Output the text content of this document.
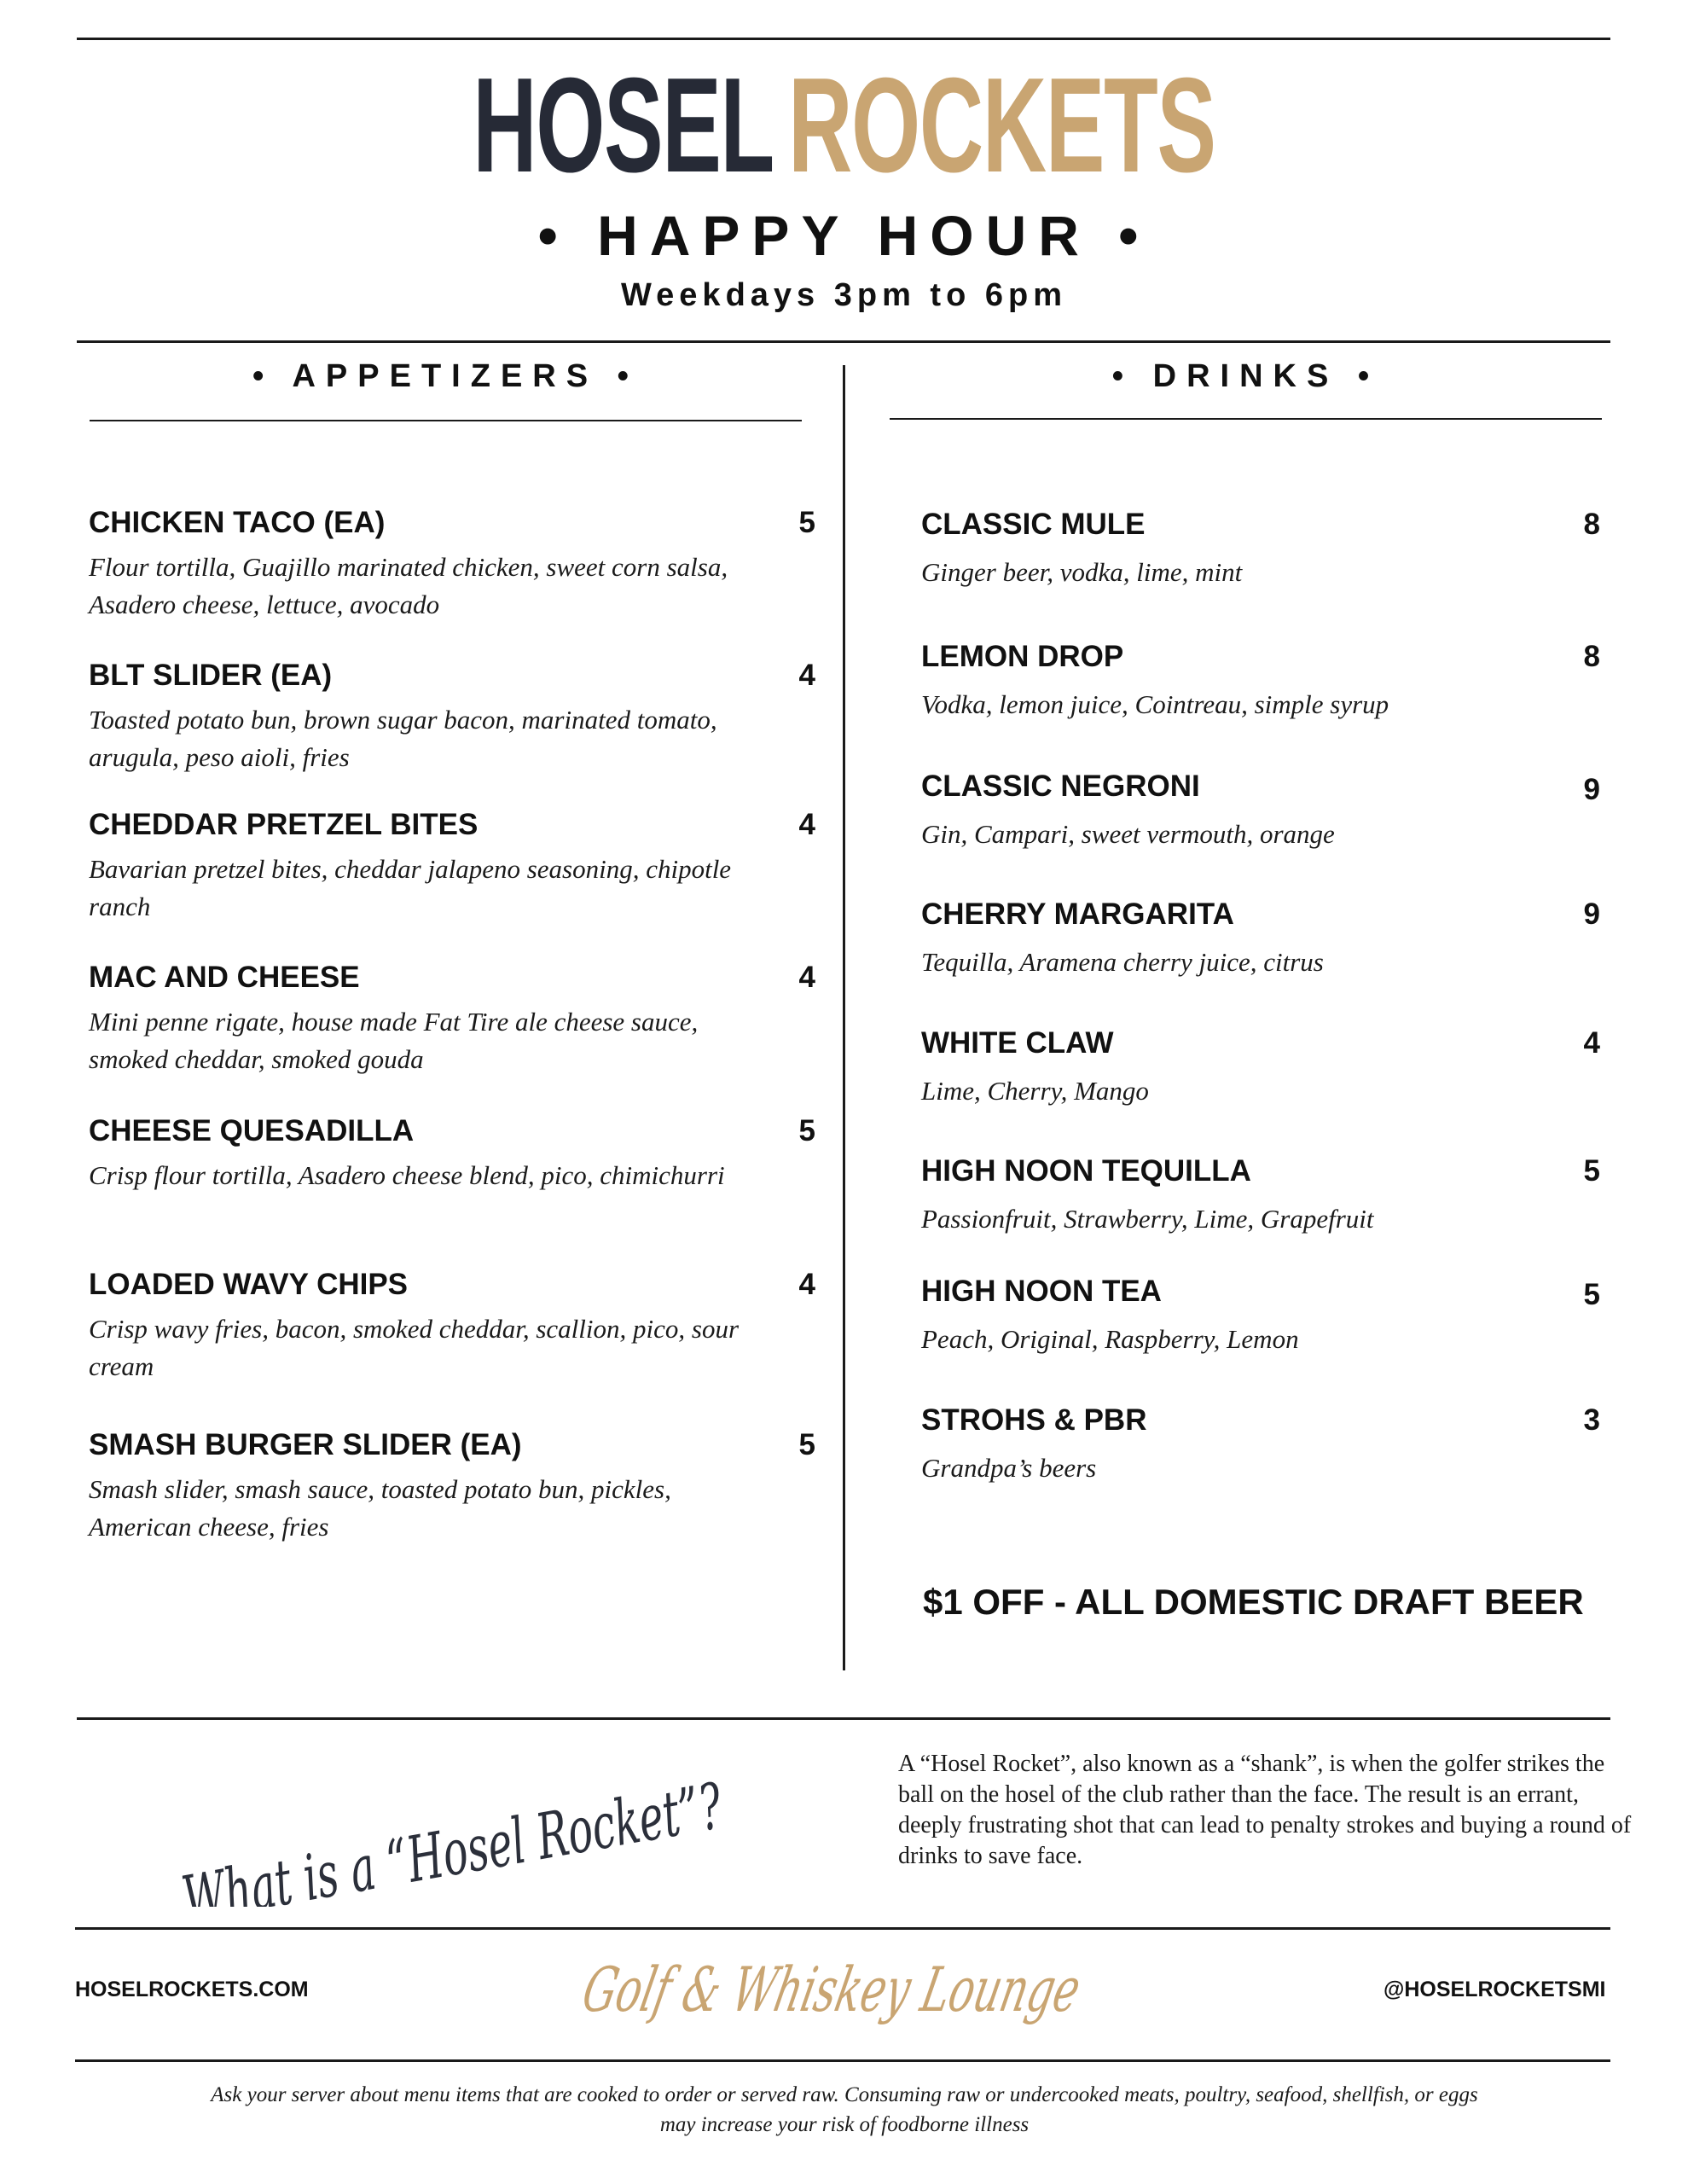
HOSEL ROCKETS
• HAPPY HOUR •
Weekdays 3pm to 6pm
• APPETIZERS •	• DRINKS •
CHICKEN TACO (EA)	5
Flour tortilla, Guajillo marinated chicken, sweet corn salsa, Asadero cheese, lettuce, avocado
BLT SLIDER (EA)	4
Toasted potato bun, brown sugar bacon, marinated tomato, arugula, peso aioli, fries
CHEDDAR PRETZEL BITES	4
Bavarian pretzel bites, cheddar jalapeno seasoning, chipotle ranch
MAC AND CHEESE	4
Mini penne rigate, house made Fat Tire ale cheese sauce, smoked cheddar, smoked gouda
CHEESE QUESADILLA	5
Crisp flour tortilla, Asadero cheese blend, pico, chimichurri
LOADED WAVY CHIPS	4
Crisp wavy fries, bacon, smoked cheddar, scallion, pico, sour cream
SMASH BURGER SLIDER (EA)	5
Smash slider, smash sauce, toasted potato bun, pickles, American cheese, fries
CLASSIC MULE	8
Ginger beer, vodka, lime, mint
LEMON DROP	8
Vodka, lemon juice, Cointreau, simple syrup
CLASSIC NEGRONI	9
Gin, Campari, sweet vermouth, orange
CHERRY MARGARITA	9
Tequilla, Aramena cherry juice, citrus
WHITE CLAW	4
Lime, Cherry, Mango
HIGH NOON TEQUILLA	5
Passionfruit, Strawberry, Lime, Grapefruit
HIGH NOON TEA	5
Peach, Original, Raspberry, Lemon
STROHS & PBR	3
Grandpa’s beers
$1 OFF - ALL DOMESTIC DRAFT BEER
What is a “Hosel Rocket”?
A “Hosel Rocket”, also known as a “shank”, is when the golfer strikes the ball on the hosel of the club rather than the face. The result is an errant, deeply frustrating shot that can lead to penalty strokes and buying a round of drinks to save face.
HOSELROCKETS.COM	Golf & Whiskey Lounge	@HOSELROCKETSMI
Ask your server about menu items that are cooked to order or served raw. Consuming raw or undercooked meats, poultry, seafood, shellfish, or eggs may increase your risk of foodborne illness
